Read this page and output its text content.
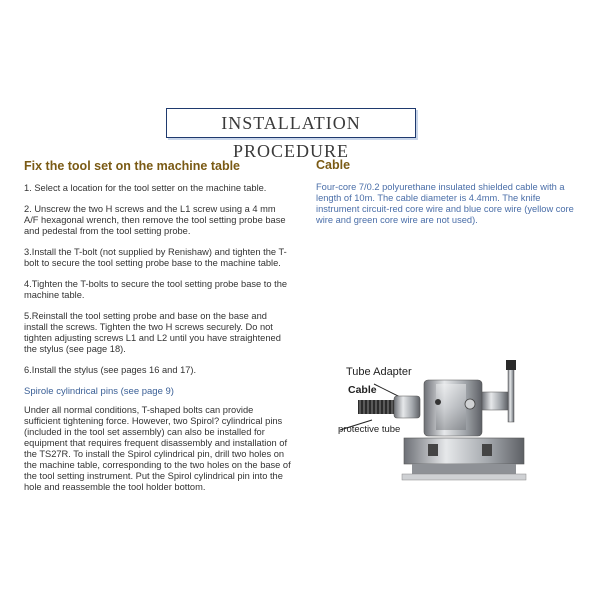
INSTALLATION PROCEDURE
Fix the tool set on the machine table

1. Select a location for the tool setter on the machine table.

2. Unscrew the two H screws and the L1 screw using a 4 mm A/F hexagonal wrench, then remove the tool setting probe base and pedestal from the tool setting probe.

3.Install the T-bolt (not supplied by Renishaw) and tighten the T-bolt to secure the tool setting probe base to the machine table.

4.Tighten the T-bolts to secure the tool setting probe base to the machine table.

5.Reinstall the tool setting probe and base on the base and install the screws. Tighten the two H screws securely. Do not tighten adjusting screws L1 and L2 until you have straightened the stylus (see page 18).

6.Install the stylus (see pages 16 and 17).

Spirole cylindrical pins (see page 9)

Under all normal conditions, T-shaped bolts can provide sufficient tightening force. However, two Spirol? cylindrical pins (included in the tool set assembly) can also be installed for equipment that requires frequent disassembly and installation of the TS27R. To install the Spirol cylindrical pin, drill two holes on the machine table, corresponding to the two holes on the base of the tool setting instrument. Put the Spirol cylindrical pin into the hole and reassemble the tool holder bottom.

Cable

Four-core 7/0.2 polyurethane insulated shielded cable with a length of 10m. The cable diameter is 4.4mm. The knife instrument circuit-red core wire and blue core wire (yellow core wire and green core wire are not used).

Tube Adapter
Cable
protective tube
